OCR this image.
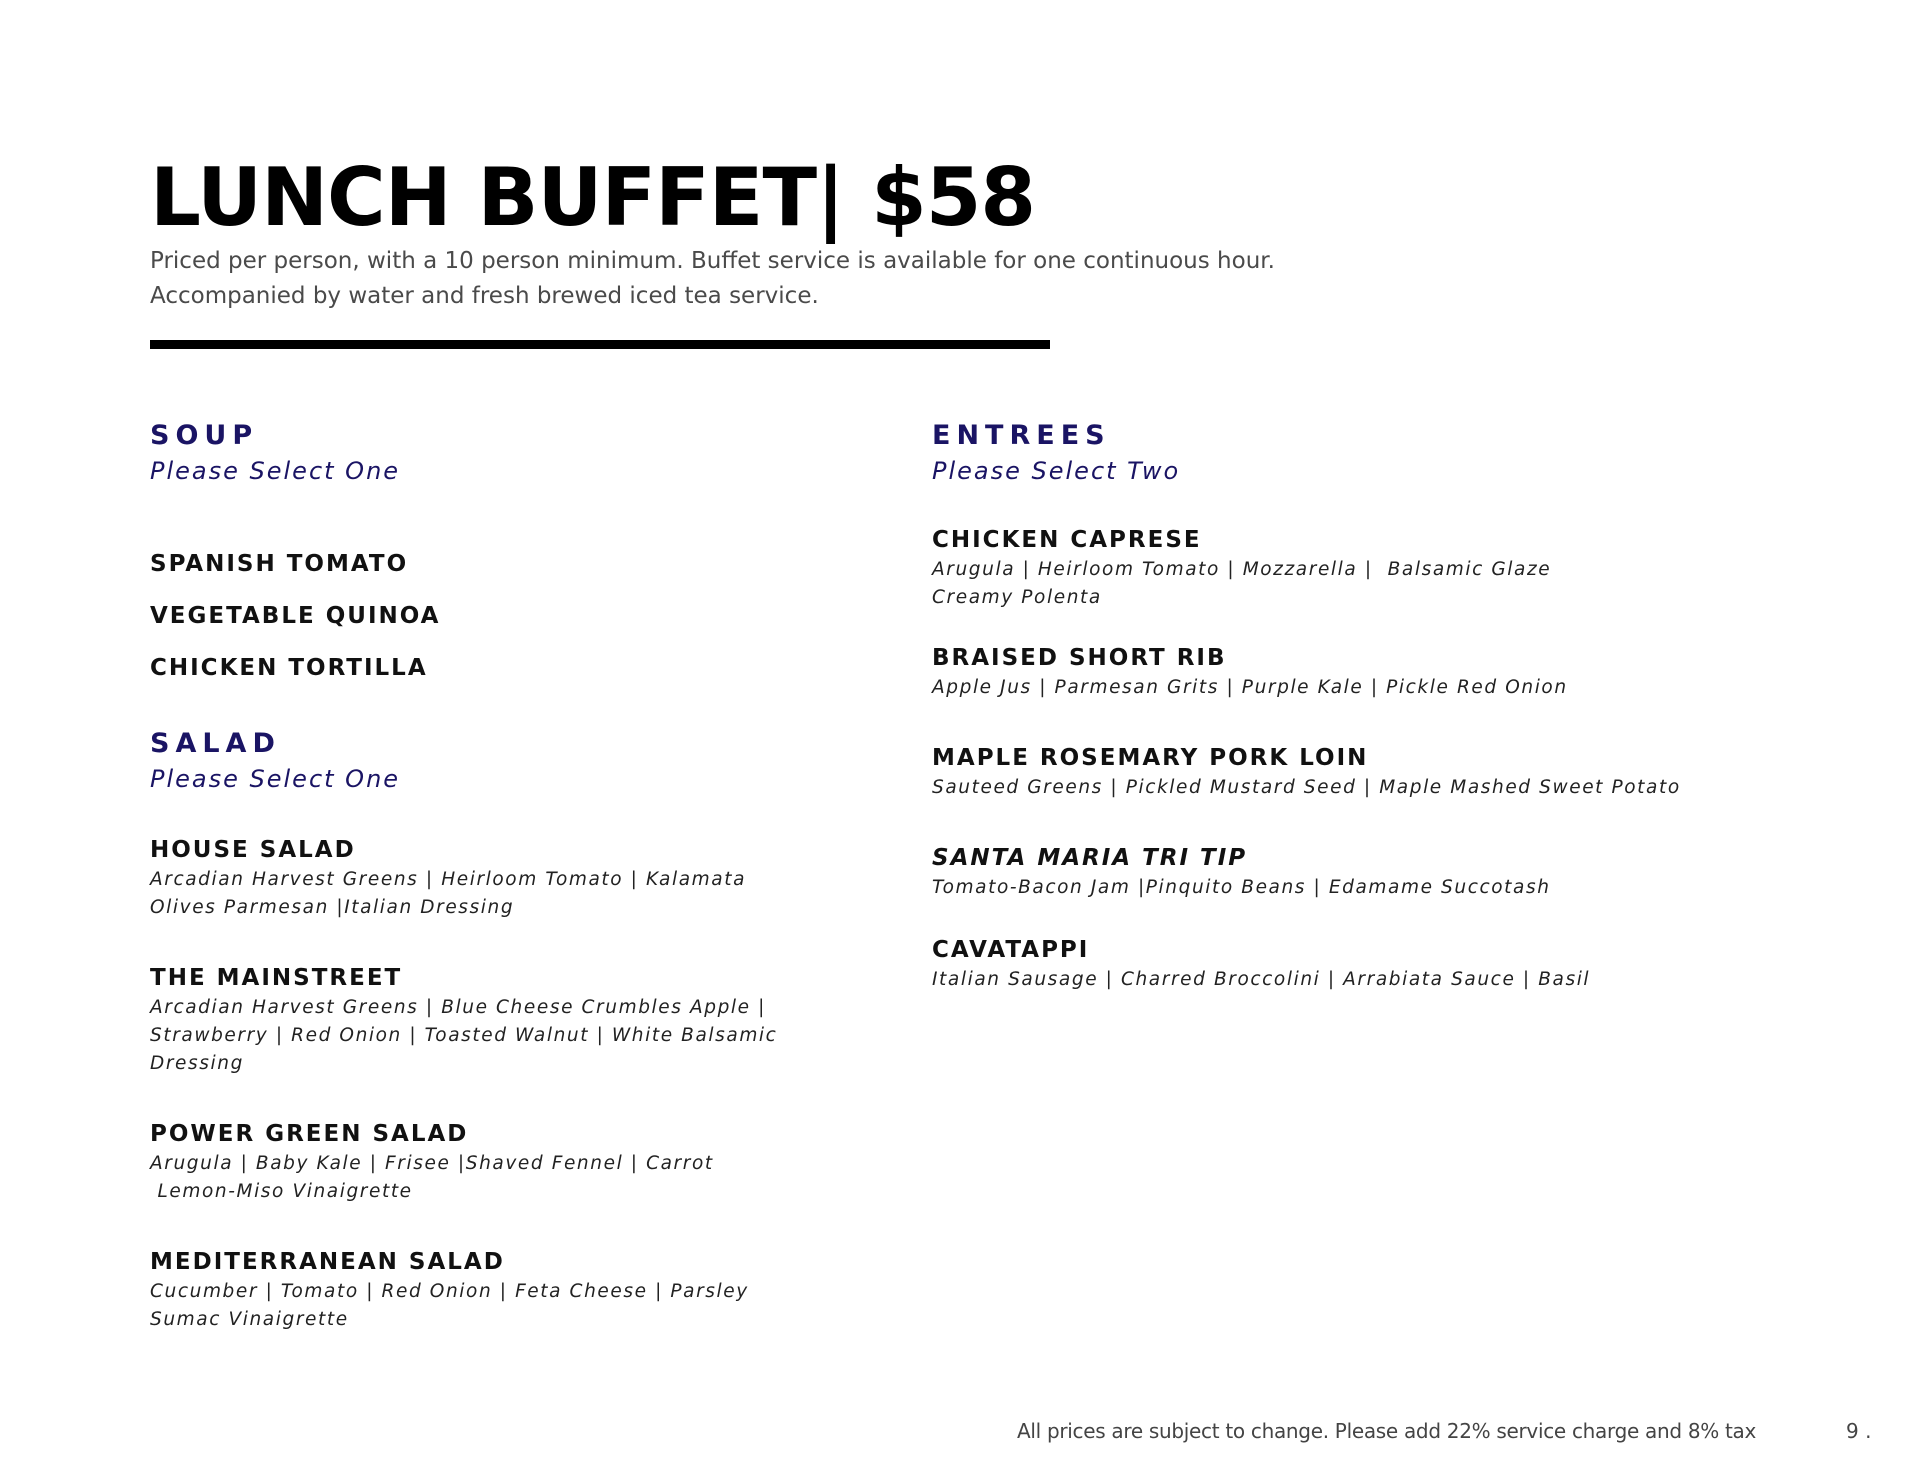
LUNCH BUFFET| $58
Priced per person, with a 10 person minimum. Buffet service is available for one continuous hour.
Accompanied by water and fresh brewed iced tea service.

SOUP

Please Select One

SPANISH TOMATO

VEGETABLE QUINOA

CHICKEN TORTILLA

SALAD

Please Select One

HOUSE SALAD

Arcadian Harvest Greens | Heirloom Tomato | Kalamata

Olives Parmesan |Italian Dressing

THE MAINSTREET

Arcadian Harvest Greens | Blue Cheese Crumbles Apple |

Strawberry | Red Onion | Toasted Walnut | White Balsamic

Dressing

POWER GREEN SALAD

Arugula | Baby Kale | Frisee |Shaved Fennel | Carrot

Lemon-Miso Vinaigrette

MEDITERRANEAN SALAD

Cucumber | Tomato | Red Onion | Feta Cheese | Parsley

Sumac Vinaigrette

ENTREES

Please Select Two

CHICKEN CAPRESE

Arugula | Heirloom Tomato | Mozzarella |  Balsamic Glaze

Creamy Polenta

BRAISED SHORT RIB

Apple Jus | Parmesan Grits | Purple Kale | Pickle Red Onion

MAPLE ROSEMARY PORK LOIN

Sauteed Greens | Pickled Mustard Seed | Maple Mashed Sweet Potato

SANTA MARIA TRI TIP

Tomato-Bacon Jam |Pinquito Beans | Edamame Succotash

CAVATAPPI

Italian Sausage | Charred Broccolini | Arrabiata Sauce | Basil

All prices are subject to change. Please add 22% service charge and 8% tax	9 .
